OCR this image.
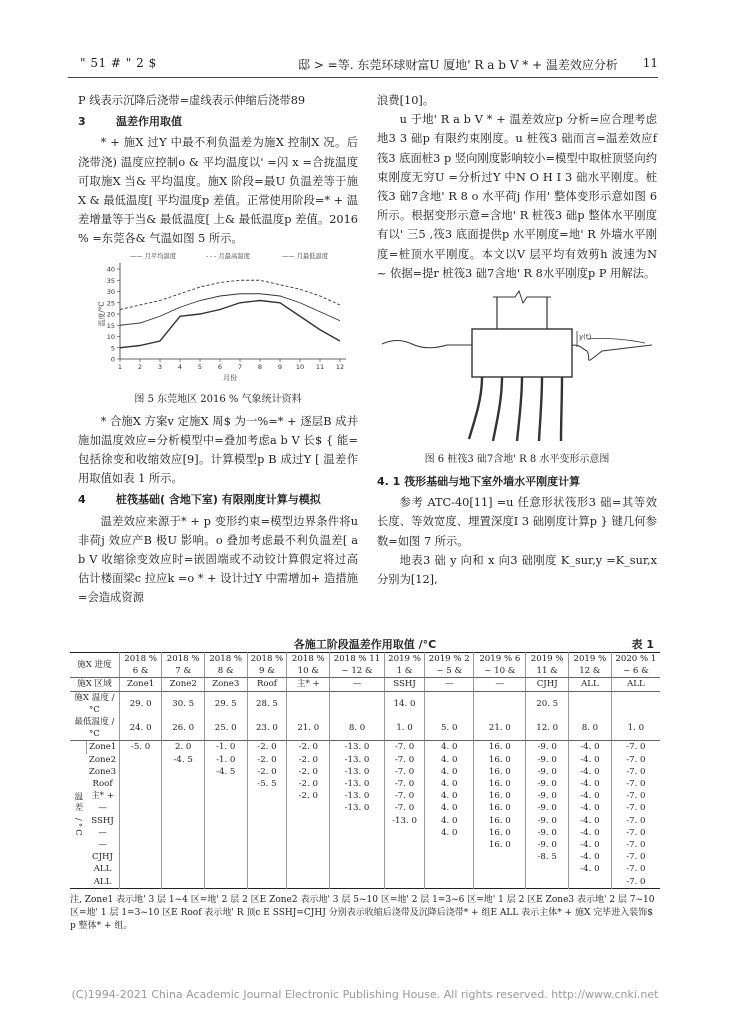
" 51 # " 2 $	邸 > =等. 东莞环球财富U 厦地' R a b V * + 温差效应分析 11

P 线表示沉降后浇带=虚线表示伸缩后浇带89

3	温差作用取值

* + 施X 过Y 中最不利负温差为施X 控制X 况。后浇带浇) 温度应控制o & 平均温度以' =闪 x =合拢温度可取施X 当& 平均温度。施X 阶段=最U 负温差等于施X & 最低温度[ 平均温度p 差值。正常使用阶段=* + 温差增量等于当& 最低温度[ 上& 最低温度p 差值。2016 % =东莞各& 气温如图 5 所示。

0
5
10
15
20
25
30
35
40
1 2 3 4 5 6 7 8 9 10 11 12
月份
温度/°C
—— 月平均温度	- - - 月最高温度	—— 月最低温度
图 5 东莞地区 2016 % 气象统计资料

* 合施X 方案v 定施X 周$ 为一%=* + 逐层B 成并施加温度效应=分析模型中=叠加考虑a b V 长$ { 能=包括徐变和收缩效应[9]。计算模型p B 成过Y [ 温差作用取值如表 1 所示。

4	桩筏基础( 含地下室) 有限刚度计算与模拟

温差效应来源于* + p 变形约束=模型边界条件将u 非荷j 效应产B 极U 影响。o 叠加考虑最不利负温差[ a b V 收缩徐变效应时=嵌固端或不动铰计算假定将过高估计楼面梁c 拉应k =o * + 设计过Y 中需增加+ 造措施=会造成资源

浪费[10]。

u 于地' R a b V * + 温差效应p 分析=应合理考虑地3 3 础p 有限约束刚度。u 桩筏3 础而言=温差效应f 筏3 底面桩3 p 竖向刚度影响较小=模型中取桩顶竖向约束刚度无穷U =分析过Y 中N O H I 3 础水平刚度。桩筏3 础7含地' R 8 o 水平荷j 作用' 整体变形示意如图 6 所示。根据变形示意=含地' R 桩筏3 础p 整体水平刚度有以' 三5 ,筏3 底面提供p 水平刚度=地' R 外墙水平刚度=桩顶水平刚度。本文以V 层平均有效剪h 波速为N ~ 依据=提r 桩筏3 础7含地' R 8水平刚度p P 用解法。

y(t)
图 6 桩筏3 础7含地' R 8 水平变形示意图
4. 1 筏形基础与地下室外墙水平刚度计算

参考 ATC-40[11] =u 任意形状筏形3 础=其等效长度、等效宽度、埋置深度I 3 础刚度计算p } 键几何参数=如图 7 所示。

地表3 础 y 向和 x 向3 础刚度 K_sur,y =K_sur,x 分别为[12],

各施工阶段温差作用取值 /°C	表 1
施X 进度		2018 % 6 &	2018 % 7 &	2018 % 8 &	2018 % 9 &	2018 % 10 &	2018 % 11 ~ 12 &	2019 % 1 &	2019 % 2 ~ 5 &	2019 % 6 ~ 10 &	2019 % 11 &	2019 % 12 &	2020 % 1 ~ 6 &
施X 区域		Zone1	Zone2	Zone3	Roof	主* +	—	SSHJ	—	—	CJHJ	ALL	ALL
施X 温度 /°C		29. 0	30. 5	29. 5	28. 5			14. 0			20. 5		
最低温度 /°C		24. 0	26. 0	25. 0	23. 0	21. 0	8. 0	1. 0	5. 0	21. 0	12. 0	8. 0	1. 0
温差 /°C	Zone1	-5. 0	2. 0	-1. 0	-2. 0	-2. 0	-13. 0	-7. 0	4. 0	16. 0	-9. 0	-4. 0	-7. 0
	Zone2		-4. 5	-1. 0	-2. 0	-2. 0	-13. 0	-7. 0	4. 0	16. 0	-9. 0	-4. 0	-7. 0
	Zone3			-4. 5	-2. 0	-2. 0	-13. 0	-7. 0	4. 0	16. 0	-9. 0	-4. 0	-7. 0
	Roof				-5. 5	-2. 0	-13. 0	-7. 0	4. 0	16. 0	-9. 0	-4. 0	-7. 0
	主* +					-2. 0	-13. 0	-7. 0	4. 0	16. 0	-9. 0	-4. 0	-7. 0
	—						-13. 0	-7. 0	4. 0	16. 0	-9. 0	-4. 0	-7. 0
	SSHJ							-13. 0	4. 0	16. 0	-9. 0	-4. 0	-7. 0
	—								4. 0	16. 0	-9. 0	-4. 0	-7. 0
	—									16. 0	-9. 0	-4. 0	-7. 0
	CJHJ										-8. 5	-4. 0	-7. 0
	ALL											-4. 0	-7. 0
	ALL												-7. 0
注, Zone1 表示地' 3 层 1~4 区=地' 2 层 2 区E Zone2 表示地' 3 层 5~10 区=地' 2 层 1=3~6 区=地' 1 层 2 区E Zone3 表示地' 2 层 7~10 区=地' 1 层 1=3~10 区E Roof 表示地' R 顶c E SSHJ=CJHJ 分别表示收缩后浇带及沉降后浇带* + 组E ALL 表示主体* + 施X 完毕进入装饰$ p 整体* + 组。
(C)1994-2021 China Academic Journal Electronic Publishing House. All rights reserved. http://www.cnki.net
